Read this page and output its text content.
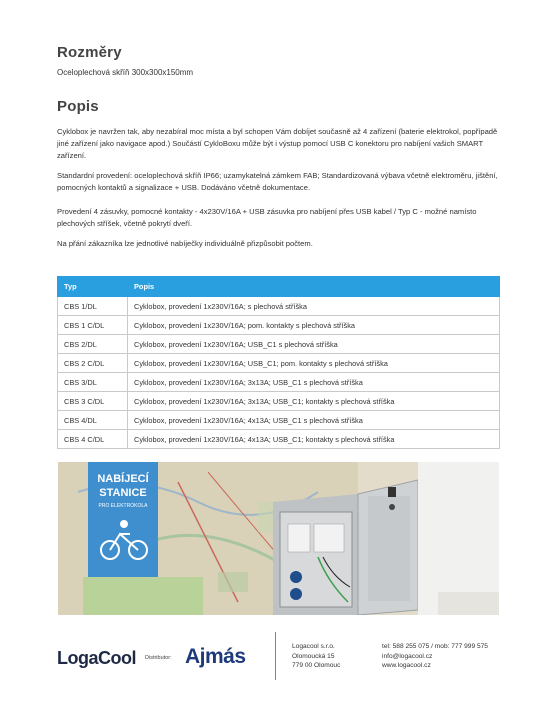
Rozměry
Oceloplechová skříň 300x300x150mm
Popis
Cyklobox je navržen tak, aby nezabíral moc místa a byl schopen Vám dobíjet současně až 4 zařízení (baterie elektrokol, popřípadě jiné zařízení jako navigace apod.) Součástí CykloBoxu může být i výstup pomocí USB C konektoru pro nabíjení vašich SMART zařízení.
Standardní provedení: oceloplechová skříň IP66; uzamykatelná zámkem FAB; Standardizovaná výbava včetně elektroměru, jištění, pomocných kontaktů a signalizace + USB. Dodáváno včetně dokumentace.
Provedení 4 zásuvky, pomocné kontakty - 4x230V/16A + USB zásuvka pro nabíjení přes USB kabel / Typ C - možné namísto plechových stříšek, včetně pokrytí dveří.
Na přání zákazníka lze jednotlivé nabíječky individuálně přizpůsobit počtem.
Typ	Popis
CBS 1/DL	Cyklobox, provedení 1x230V/16A; s plechová stříška
CBS 1 C/DL	Cyklobox, provedení 1x230V/16A; pom. kontakty s plechová stříška
CBS 2/DL	Cyklobox, provedení 1x230V/16A; USB_C1 s plechová stříška
CBS 2 C/DL	Cyklobox, provedení 1x230V/16A; USB_C1; pom. kontakty s plechová stříška
CBS 3/DL	Cyklobox, provedení 1x230V/16A; 3x13A; USB_C1 s plechová stříška
CBS 3 C/DL	Cyklobox, provedení 1x230V/16A; 3x13A; USB_C1; kontakty s plechová stříška
CBS 4/DL	Cyklobox, provedení 1x230V/16A; 4x13A; USB_C1 s plechová stříška
CBS 4 C/DL	Cyklobox, provedení 1x230V/16A; 4x13A; USB_C1; kontakty s plechová stříška
NABÍJECÍ
STANICE
PRO ELEKTROKOLA
LogaCool Distributor: Ajmás	Logacool s.r.o.
Olomoucká 15
779 00 Olomouc
tel: 588 255 075 / mob: 777 999 575
info@logacool.cz
www.logacool.cz
